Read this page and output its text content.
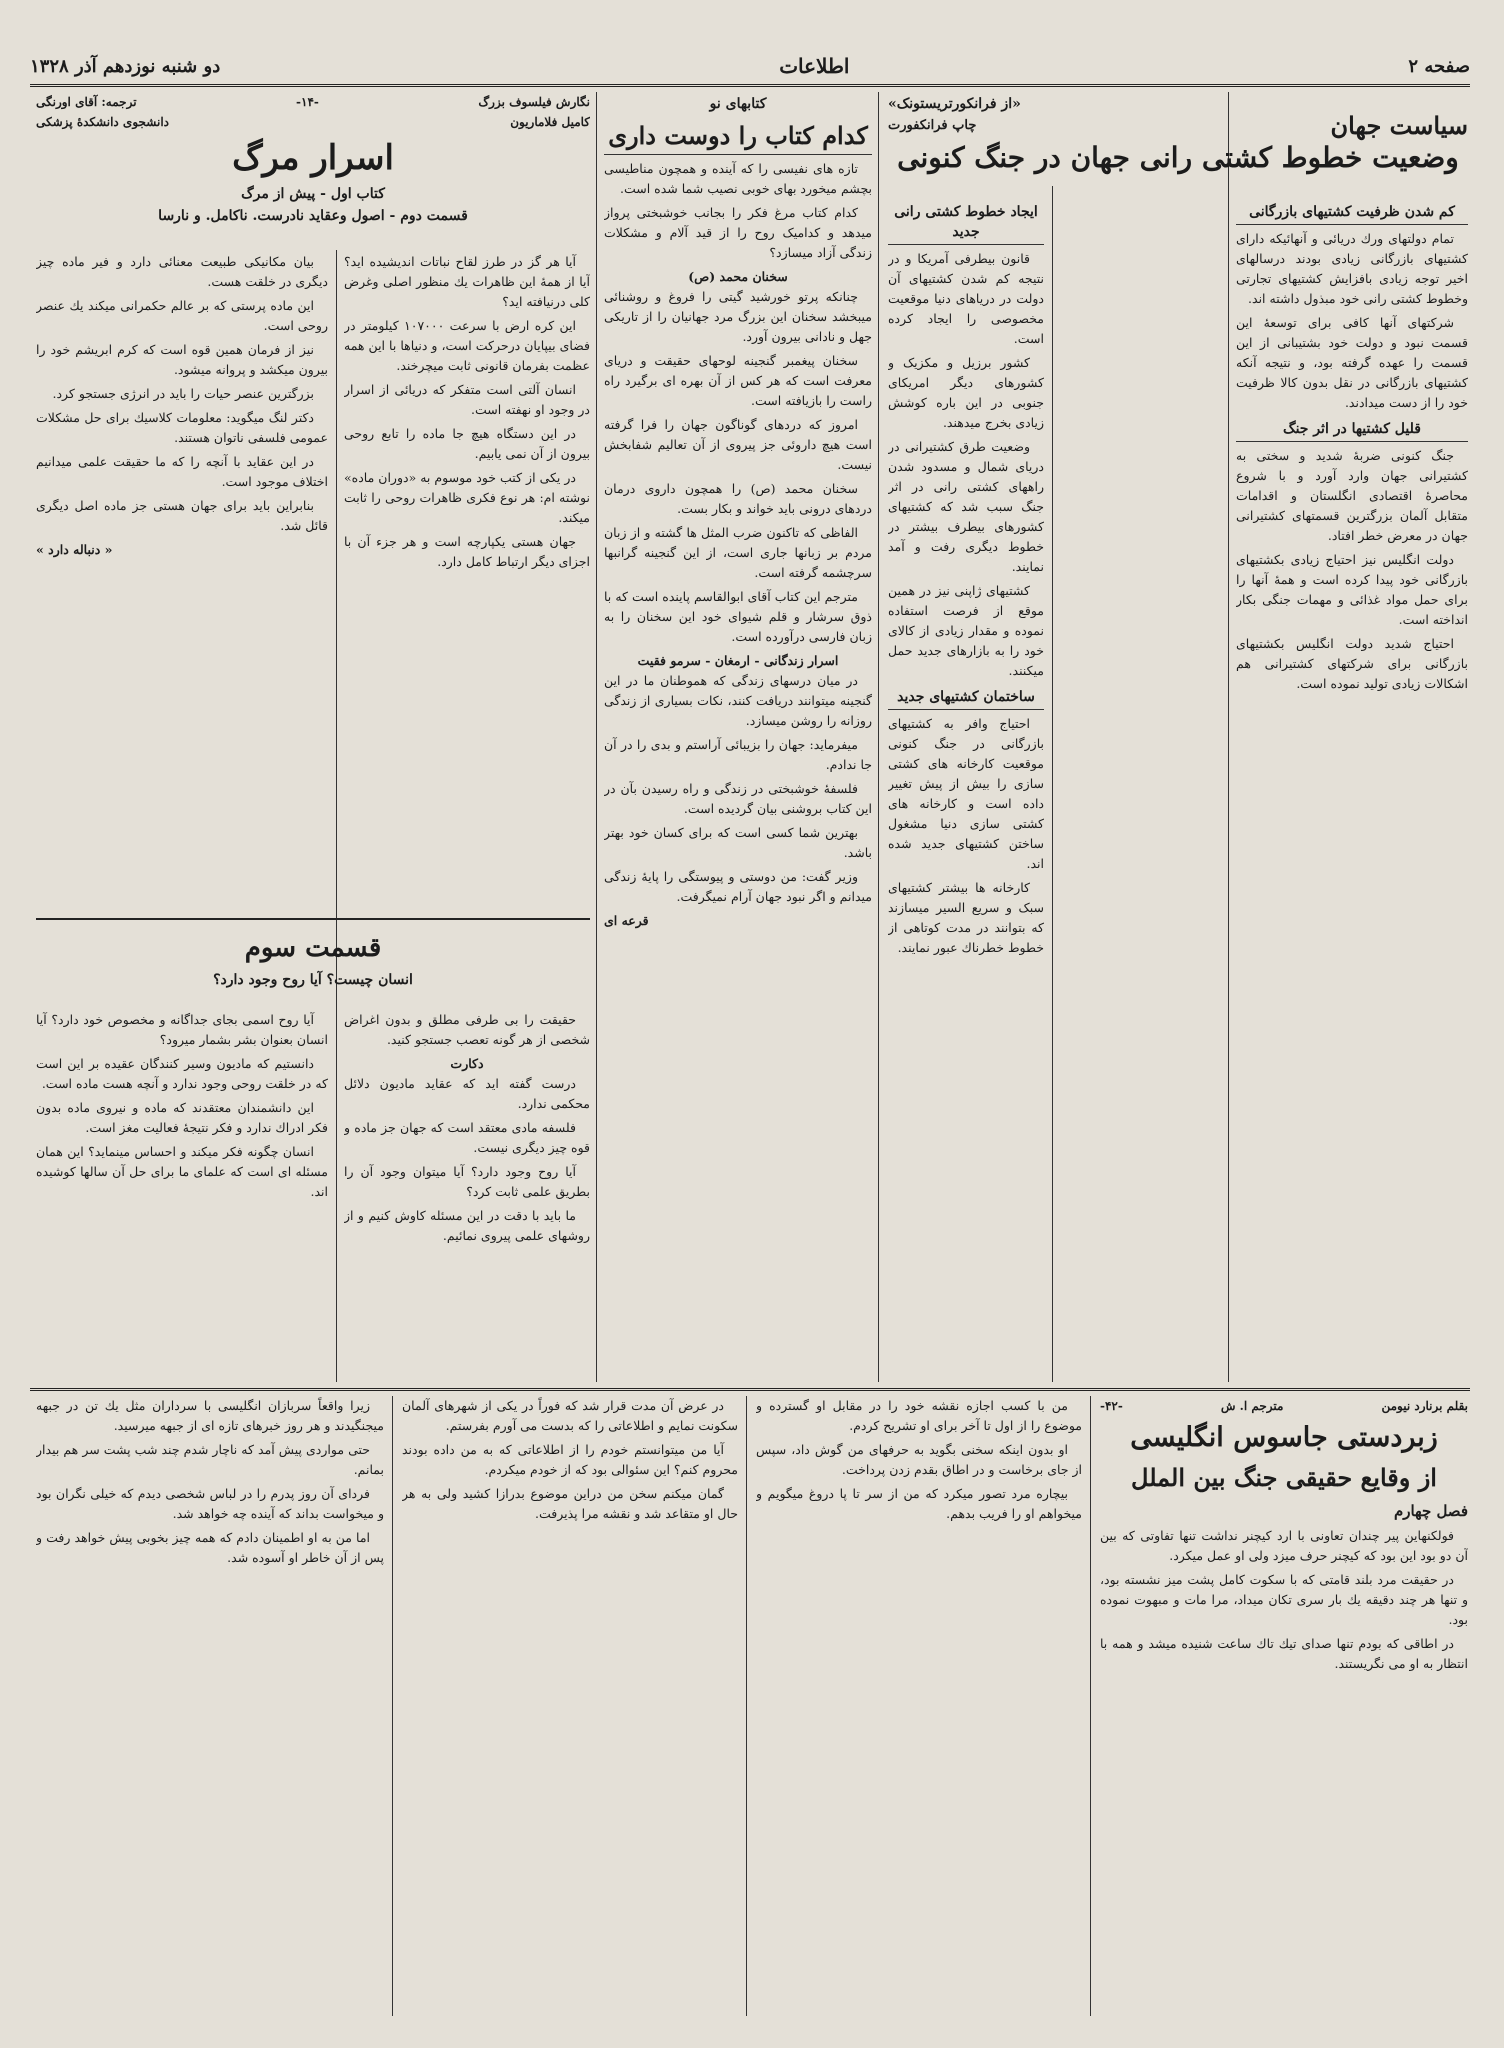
صفحه ۲
اطلاعات
دو شنبه نوزدهم آذر ۱۳۲۸
«از فرانکورتریستونک»
سیاست جهان
چاپ فرانکفورت
وضعیت خطوط کشتی رانی جهان در جنگ کنونی
کم شدن ظرفیت کشتیهای بازرگانی

تمام دولتهای ورك دریائی و آنهائیکه دارای کشتیهای بازرگانی زیادی بودند درسالهای اخیر توجه زیادی بافزایش کشتیهای تجارتی وخطوط کشتی رانی خود مبذول داشته اند.

شرکتهای آنها کافی برای توسعهٔ این قسمت نبود و دولت خود بشتیبانی از این قسمت را عهده گرفته بود، و نتیجه آنکه کشتیهای بازرگانی در نقل بدون کالا ظرفیت خود را از دست میدادند.

قلیل کشتیها در اثر جنگ

جنگ کنونی ضربهٔ شدید و سختی به کشتیرانی جهان وارد آورد و با شروع محاصرهٔ اقتصادی انگلستان و اقدامات متقابل آلمان بزرگترین قسمتهای کشتیرانی جهان در معرض خطر افتاد.

دولت انگلیس نیز احتیاج زیادی بکشتیهای بازرگانی خود پیدا کرده است و همهٔ آنها را برای حمل مواد غذائی و مهمات جنگی بکار انداخته است.

احتیاج شدید دولت انگلیس بکشتیهای بازرگانی برای شرکتهای کشتیرانی هم اشکالات زیادی تولید نموده است.

ایجاد خطوط کشتی رانی جدید

قانون بیطرفی آمریکا و در نتیجه کم شدن کشتیهای آن دولت در دریاهای دنیا موقعیت مخصوصی را ایجاد کرده است.

کشور برزیل و مکزیک و کشورهای دیگر امریکای جنوبی در این باره کوشش زیادی بخرج میدهند.

وضعیت طرق کشتیرانی در دریای شمال و مسدود شدن راههای کشتی رانی در اثر جنگ سبب شد که کشتیهای کشورهای بیطرف بیشتر در خطوط دیگری رفت و آمد نمایند.

کشتیهای ژاپنی نیز در همین موقع از فرصت استفاده نموده و مقدار زیادی از کالای خود را به بازارهای جدید حمل میکنند.

ساختمان کشتیهای جدید

احتیاج وافر به کشتیهای بازرگانی در جنگ کنونی موقعیت کارخانه های کشتی سازی را بیش از پیش تغییر داده است و کارخانه های کشتی سازی دنیا مشغول ساختن کشتیهای جدید شده اند.

کارخانه ها بیشتر کشتیهای سبک و سریع السیر میسازند که بتوانند در مدت کوتاهی از خطوط خطرناك عبور نمایند.

کتابهای نو
کدام کتاب را دوست داری

تازه های نفیسی را که آینده و همچون مناطیسی بچشم میخورد بهای خوبی نصیب شما شده است.

کدام کتاب مرغ فکر را بجانب خوشبختی پرواز میدهد و کدامیک روح را از قید آلام و مشکلات زندگی آزاد میسازد؟

سخنان محمد (ص)

چنانکه پرتو خورشید گیتی را فروغ و روشنائی میبخشد سخنان این بزرگ مرد جهانیان را از تاریکی جهل و نادانی بیرون آورد.

سخنان پیغمبر گنجینه لوحهای حقیقت و دریای معرفت است که هر کس از آن بهره ای برگیرد راه راست را بازیافته است.

امروز که دردهای گوناگون جهان را فرا گرفته است هیچ داروئی جز پیروی از آن تعالیم شفابخش نیست.

سخنان محمد (ص) را همچون داروی درمان دردهای درونی باید خواند و بکار بست.

الفاظی که تاکنون ضرب المثل ها گشته و از زبان مردم بر زبانها جاری است، از این گنجینه گرانبها سرچشمه گرفته است.

مترجم این کتاب آقای ابوالقاسم پاینده است که با ذوق سرشار و قلم شیوای خود این سخنان را به زبان فارسی درآورده است.

اسرار زندگانی - ارمغان - سرمو فقیت

در میان درسهای زندگی که هموطنان ما در این گنجینه میتوانند دریافت کنند، نکات بسیاری از زندگی روزانه را روشن میسازد.

میفرماید: جهان را بزیبائی آراستم و بدی را در آن جا ندادم.

فلسفهٔ خوشبختی در زندگی و راه رسیدن بآن در این کتاب بروشنی بیان گردیده است.

بهترین شما کسی است که برای کسان خود بهتر باشد.

وزیر گفت: من دوستی و پیوستگی را پایهٔ زندگی میدانم و اگر نبود جهان آرام نمیگرفت.

قرعه ای
نگارش فیلسوف بزرگ
-۱۴-
ترجمه: آقای اورنگی
کامیل فلاماریون
دانشجوی دانشکدهٔ پزشکی
اسرار مرگ
کتاب اول - پیش از مرگ
قسمت دوم - اصول وعقاید نادرست. ناکامل. و نارسا

آیا هر گز در طرز لقاح نباتات اندیشیده اید؟ آیا از همهٔ این ظاهرات یك منظور اصلی وغرض کلی درنیافته اید؟

این کره ارض با سرعت ۱۰۷۰۰۰ کیلومتر در فضای بیپایان درحرکت است، و دنیاها با این همه عظمت بفرمان قانونی ثابت میچرخند.

انسان آلتی است متفکر که دریائی از اسرار در وجود او نهفته است.

در این دستگاه هیچ جا ماده را تابع روحی بیرون از آن نمی یابیم.

در یکی از کتب خود موسوم به «دوران ماده» نوشته ام: هر نوع فکری ظاهرات روحی را ثابت میکند.

جهان هستی یکپارچه است و هر جزء آن با اجزای دیگر ارتباط کامل دارد.

بیان مکانیکی طبیعت معنائی دارد و فیر ماده چیز دیگری در خلقت هست.

این ماده پرستی که بر عالم حکمرانی میکند یك عنصر روحی است.

نیز از فرمان همین قوه است که کرم ابریشم خود را بیرون میکشد و پروانه میشود.

بزرگترین عنصر حیات را باید در انرژی جستجو کرد.

دکتر لنگ میگوید: معلومات کلاسیك برای حل مشکلات عمومی فلسفی ناتوان هستند.

در این عقاید با آنچه را که ما حقیقت علمی میدانیم اختلاف موجود است.

بنابراین باید برای جهان هستی جز ماده اصل دیگری قائل شد.

« دنباله دارد »
قسمت سوم
انسان چیست؟ آیا روح وجود دارد؟

حقیقت را بی طرفی مطلق و بدون اغراض شخصی از هر گونه تعصب جستجو کنید.

دکارت

درست گفته اید که عقاید مادیون دلائل محکمی ندارد.

فلسفه مادی معتقد است که جهان جز ماده و قوه چیز دیگری نیست.

آیا روح وجود دارد؟ آیا میتوان وجود آن را بطریق علمی ثابت کرد؟

ما باید با دقت در این مسئله کاوش کنیم و از روشهای علمی پیروی نمائیم.

آیا روح اسمی بجای جداگانه و مخصوص خود دارد؟ آیا انسان بعنوان بشر بشمار میرود؟

دانستیم که مادیون وسیر کنندگان عقیده بر این است که در خلقت روحی وجود ندارد و آنچه هست ماده است.

این دانشمندان معتقدند که ماده و نیروی ماده بدون فکر ادراك ندارد و فکر نتیجهٔ فعالیت مغز است.

انسان چگونه فکر میکند و احساس مینماید؟ این همان مسئله ای است که علمای ما برای حل آن سالها کوشیده اند.

بقلم برنارد نیومن
مترجم ا. ش
-۴۲-
زبردستی جاسوس انگلیسی
از وقایع حقیقی جنگ بین الملل
فصل چهارم

فولکنهاین پیر چندان تعاونی با ارد کیچنر نداشت تنها تفاوتی که بین آن دو بود این بود که کیچنر حرف میزد ولی او عمل میکرد.

در حقیقت مرد بلند قامتی که با سکوت کامل پشت میز نشسته بود، و تنها هر چند دقیقه یك بار سری تکان میداد، مرا مات و مبهوت نموده بود.

در اطاقی که بودم تنها صدای تیك تاك ساعت شنیده میشد و همه با انتظار به او می نگریستند.

من با کسب اجازه نقشه خود را در مقابل او گسترده و موضوع را از اول تا آخر برای او تشریح کردم.

او بدون اینکه سخنی بگوید به حرفهای من گوش داد، سپس از جای برخاست و در اطاق بقدم زدن پرداخت.

بیچاره مرد تصور میکرد که من از سر تا پا دروغ میگویم و میخواهم او را فریب بدهم.

در عرض آن مدت قرار شد که فوراً در یکی از شهرهای آلمان سکونت نمایم و اطلاعاتی را که بدست می آورم بفرستم.

آیا من میتوانستم خودم را از اطلاعاتی که به من داده بودند محروم کنم؟ این سئوالی بود که از خودم میکردم.

گمان میکنم سخن من دراین موضوع بدرازا کشید ولی به هر حال او متقاعد شد و نقشه مرا پذیرفت.

زیرا واقعاً سربازان انگلیسی با سرداران مثل یك تن در جبهه میجنگیدند و هر روز خبرهای تازه ای از جبهه میرسید.

حتی مواردی پیش آمد که ناچار شدم چند شب پشت سر هم بیدار بمانم.

فردای آن روز پدرم را در لباس شخصی دیدم که خیلی نگران بود و میخواست بداند که آینده چه خواهد شد.

اما من به او اطمینان دادم که همه چیز بخوبی پیش خواهد رفت و پس از آن خاطر او آسوده شد.
